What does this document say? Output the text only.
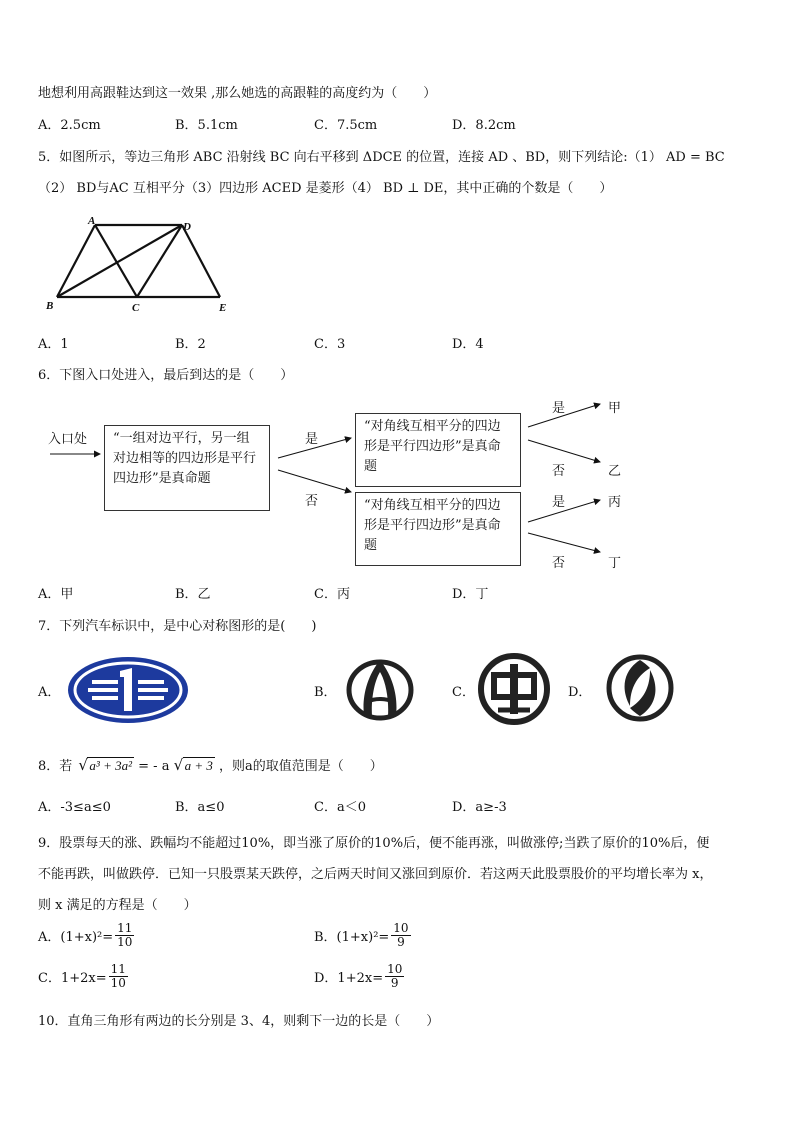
地想利用高跟鞋达到这一效果 ,那么她选的高跟鞋的高度约为（　　）
A．2.5cm	B．5.1cm	C．7.5cm	D．8.2cm
5．如图所示，等边三角形 ABC 沿射线 BC 向右平移到 ΔDCE 的位置，连接 AD 、BD，则下列结论:（1） AD = BC
（2） BD与AC 互相平分（3）四边形 ACED 是菱形（4） BD ⊥ DE，其中正确的个数是（　　）
A	D
B	C	E
A．1	B．2	C．3	D．4
6．下图入口处进入，最后到达的是（　　）
入口处	“一组对边平行，另一组对边相等的四边形是平行四边形”是真命题
“对角线互相平分的四边形是平行四边形”是真命题
“对角线互相平分的四边形是平行四边形”是真命题
是
否
是
否
是
否
甲
乙
丙
丁
A．甲	B．乙	C．丙	D．丁
7．下列汽车标识中，是中心对称图形的是(　　)
A．	B．	C．	D．
8．若 √ a³ + 3a² = - a √ a + 3 ，则a的取值范围是（　　）
A．-3≤a≤0	B．a≤0	C．a＜0	D．a≥-3
9．股票每天的涨、跌幅均不能超过10%，即当涨了原价的10%后，便不能再涨，叫做涨停;当跌了原价的10%后，便
不能再跌，叫做跌停．已知一只股票某天跌停，之后两天时间又涨回到原价．若这两天此股票股价的平均增长率为 x，
则 x 满足的方程是（　　）
A．$(1+x)^2= \frac{11}{10}$	B．$(1+x)^2= \frac{10}{9}$
C．$1+2x= \frac{11}{10}$	D．$1+2x= \frac{10}{9}$
10．直角三角形有两边的长分别是 3、4，则剩下一边的长是（　　）
